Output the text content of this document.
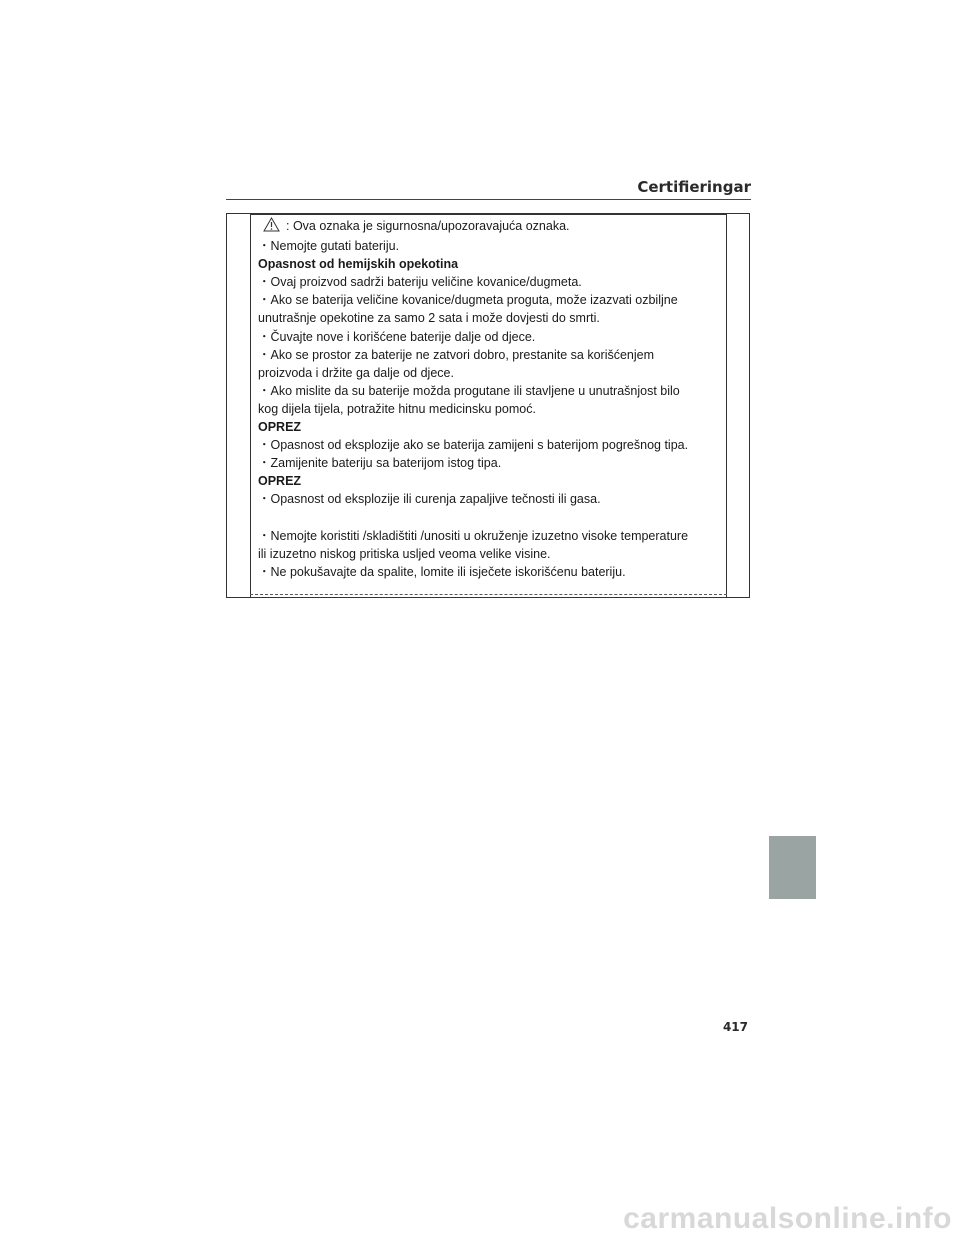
Certifieringar
: Ova oznaka je sigurnosna/upozoravajuća oznaka.
・Nemojte gutati bateriju.
Opasnost od hemijskih opekotina
・Ovaj proizvod sadrži bateriju veličine kovanice/dugmeta.
・Ako se baterija veličine kovanice/dugmeta proguta, može izazvati ozbiljne
unutrašnje opekotine za samo 2 sata i može dovjesti do smrti.
・Čuvajte nove i korišćene baterije dalje od djece.
・Ako se prostor za baterije ne zatvori dobro, prestanite sa korišćenjem
proizvoda i držite ga dalje od djece.
・Ako mislite da su baterije možda progutane ili stavljene u unutrašnjost bilo
kog dijela tijela, potražite hitnu medicinsku pomoć.
OPREZ
・Opasnost od eksplozije ako se baterija zamijeni s baterijom pogrešnog tipa.
・Zamijenite bateriju sa baterijom istog tipa.
OPREZ
・Opasnost od eksplozije ili curenja zapaljive tečnosti ili gasa.
・Nemojte koristiti /skladištiti /unositi u okruženje izuzetno visoke temperature
ili izuzetno niskog pritiska usljed veoma velike visine.
・Ne pokušavajte da spalite, lomite ili isječete iskorišćenu bateriju.
417
carmanualsonline.info
